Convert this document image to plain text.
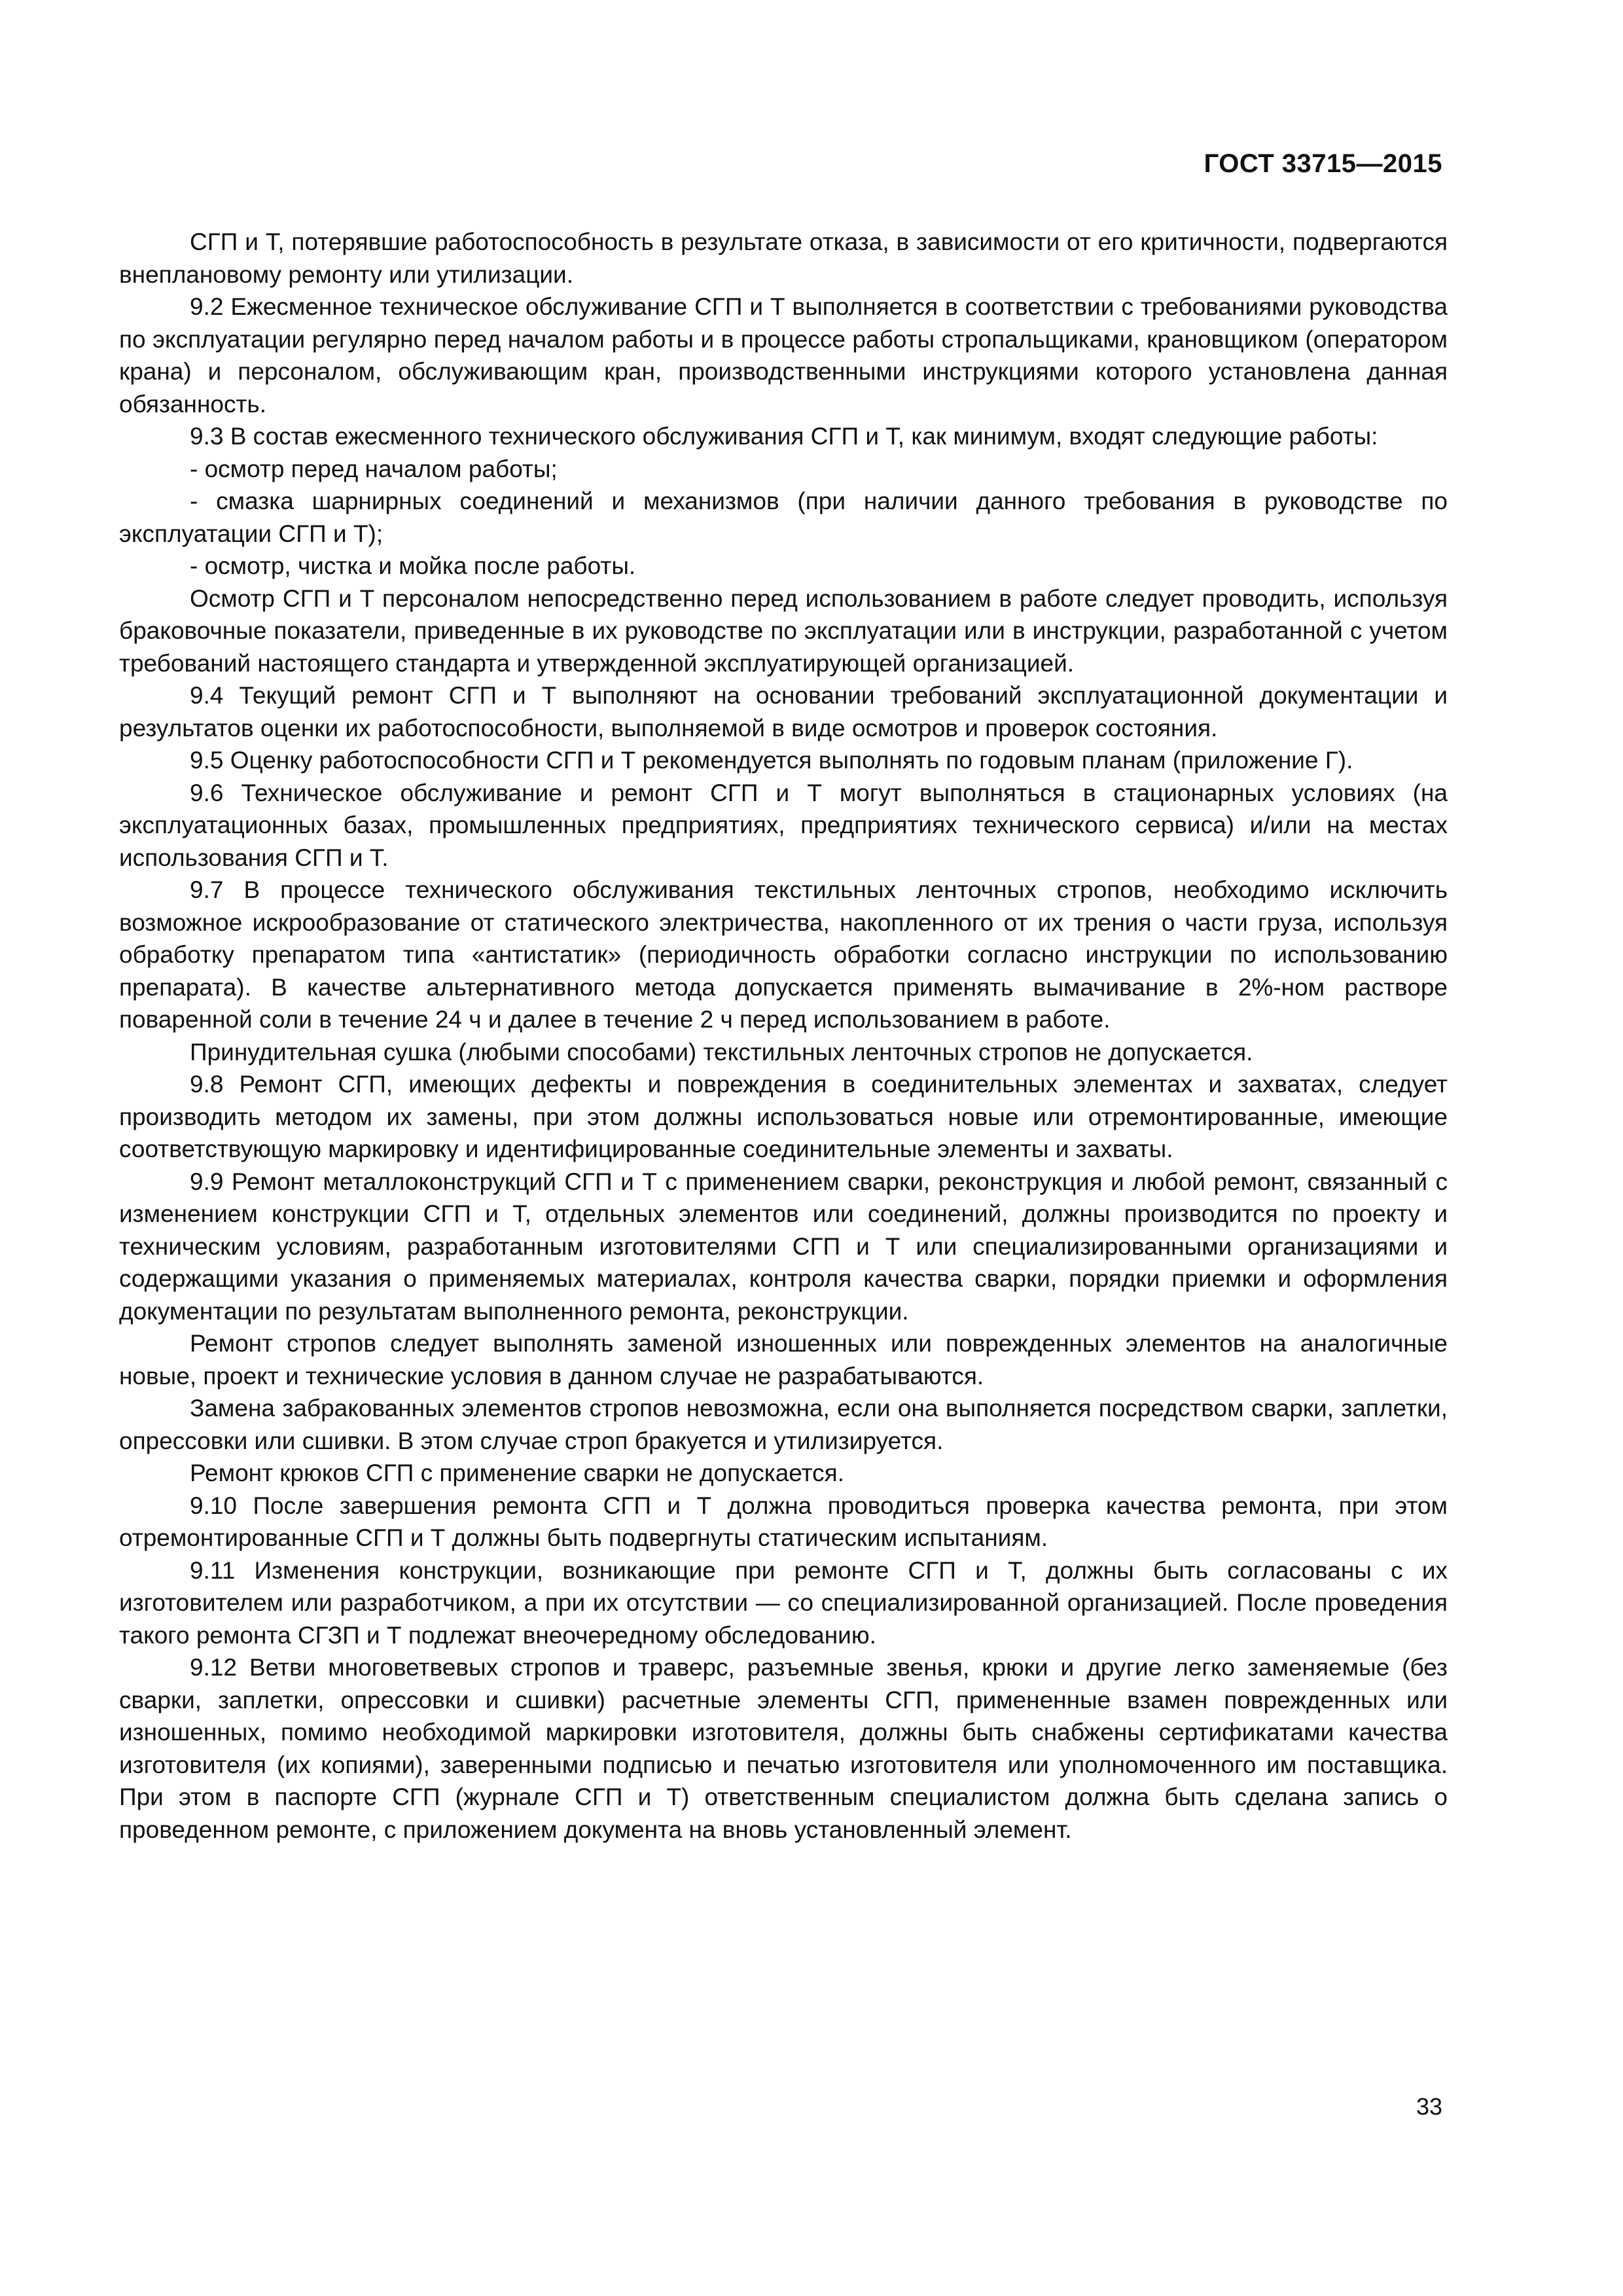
ГОСТ 33715—2015

СГП и Т, потерявшие работоспособность в результате отказа, в зависимости от его критичности, подвергаются внеплановому ремонту или утилизации.

9.2 Ежесменное техническое обслуживание СГП и Т выполняется в соответствии с требованиями руководства по эксплуатации регулярно перед началом работы и в процессе работы стропальщиками, крановщиком (оператором крана) и персоналом, обслуживающим кран, производственными инструкциями которого установлена данная обязанность.

9.3 В состав ежесменного технического обслуживания СГП и Т, как минимум, входят следующие работы:

- осмотр перед началом работы;

- смазка шарнирных соединений и механизмов (при наличии данного требования в руководстве по эксплуатации СГП и Т);

- осмотр, чистка и мойка после работы.

Осмотр СГП и Т персоналом непосредственно перед использованием в работе следует проводить, используя браковочные показатели, приведенные в их руководстве по эксплуатации или в инструкции, разработанной с учетом требований настоящего стандарта и утвержденной эксплуатирующей организацией.

9.4 Текущий ремонт СГП и Т выполняют на основании требований эксплуатационной документации и результатов оценки их работоспособности, выполняемой в виде осмотров и проверок состояния.

9.5 Оценку работоспособности СГП и Т рекомендуется выполнять по годовым планам (приложение Г).

9.6 Техническое обслуживание и ремонт СГП и Т могут выполняться в стационарных условиях (на эксплуатационных базах, промышленных предприятиях, предприятиях технического сервиса) и/или на местах использования СГП и Т.

9.7 В процессе технического обслуживания текстильных ленточных стропов, необходимо исключить возможное искрообразование от статического электричества, накопленного от их трения о части груза, используя обработку препаратом типа «антистатик» (периодичность обработки согласно инструкции по использованию препарата). В качестве альтернативного метода допускается применять вымачивание в 2%-ном растворе поваренной соли в течение 24 ч и далее в течение 2 ч перед использованием в работе.

Принудительная сушка (любыми способами) текстильных ленточных стропов не допускается.

9.8 Ремонт СГП, имеющих дефекты и повреждения в соединительных элементах и захватах, следует производить методом их замены, при этом должны использоваться новые или отремонтированные, имеющие соответствующую маркировку и идентифицированные соединительные элементы и захваты.

9.9 Ремонт металлоконструкций СГП и Т с применением сварки, реконструкция и любой ремонт, связанный с изменением конструкции СГП и Т, отдельных элементов или соединений, должны производится по проекту и техническим условиям, разработанным изготовителями СГП и Т или специализированными организациями и содержащими указания о применяемых материалах, контроля качества сварки, порядки приемки и оформления документации по результатам выполненного ремонта, реконструкции.

Ремонт стропов следует выполнять заменой изношенных или поврежденных элементов на аналогичные новые, проект и технические условия в данном случае не разрабатываются.

Замена забракованных элементов стропов невозможна, если она выполняется посредством сварки, заплетки, опрессовки или сшивки. В этом случае строп бракуется и утилизируется.

Ремонт крюков СГП с применение сварки не допускается.

9.10 После завершения ремонта СГП и Т должна проводиться проверка качества ремонта, при этом отремонтированные СГП и Т должны быть подвергнуты статическим испытаниям.

9.11 Изменения конструкции, возникающие при ремонте СГП и Т, должны быть согласованы с их изготовителем или разработчиком, а при их отсутствии — со специализированной организацией. После проведения такого ремонта СГЗП и Т подлежат внеочередному обследованию.

9.12 Ветви многоветвевых стропов и траверс, разъемные звенья, крюки и другие легко заменяемые (без сварки, заплетки, опрессовки и сшивки) расчетные элементы СГП, примененные взамен поврежденных или изношенных, помимо необходимой маркировки изготовителя, должны быть снабжены сертификатами качества изготовителя (их копиями), заверенными подписью и печатью изготовителя или уполномоченного им поставщика. При этом в паспорте СГП (журнале СГП и Т) ответственным специалистом должна быть сделана запись о проведенном ремонте, с приложением документа на вновь установленный элемент.

33
